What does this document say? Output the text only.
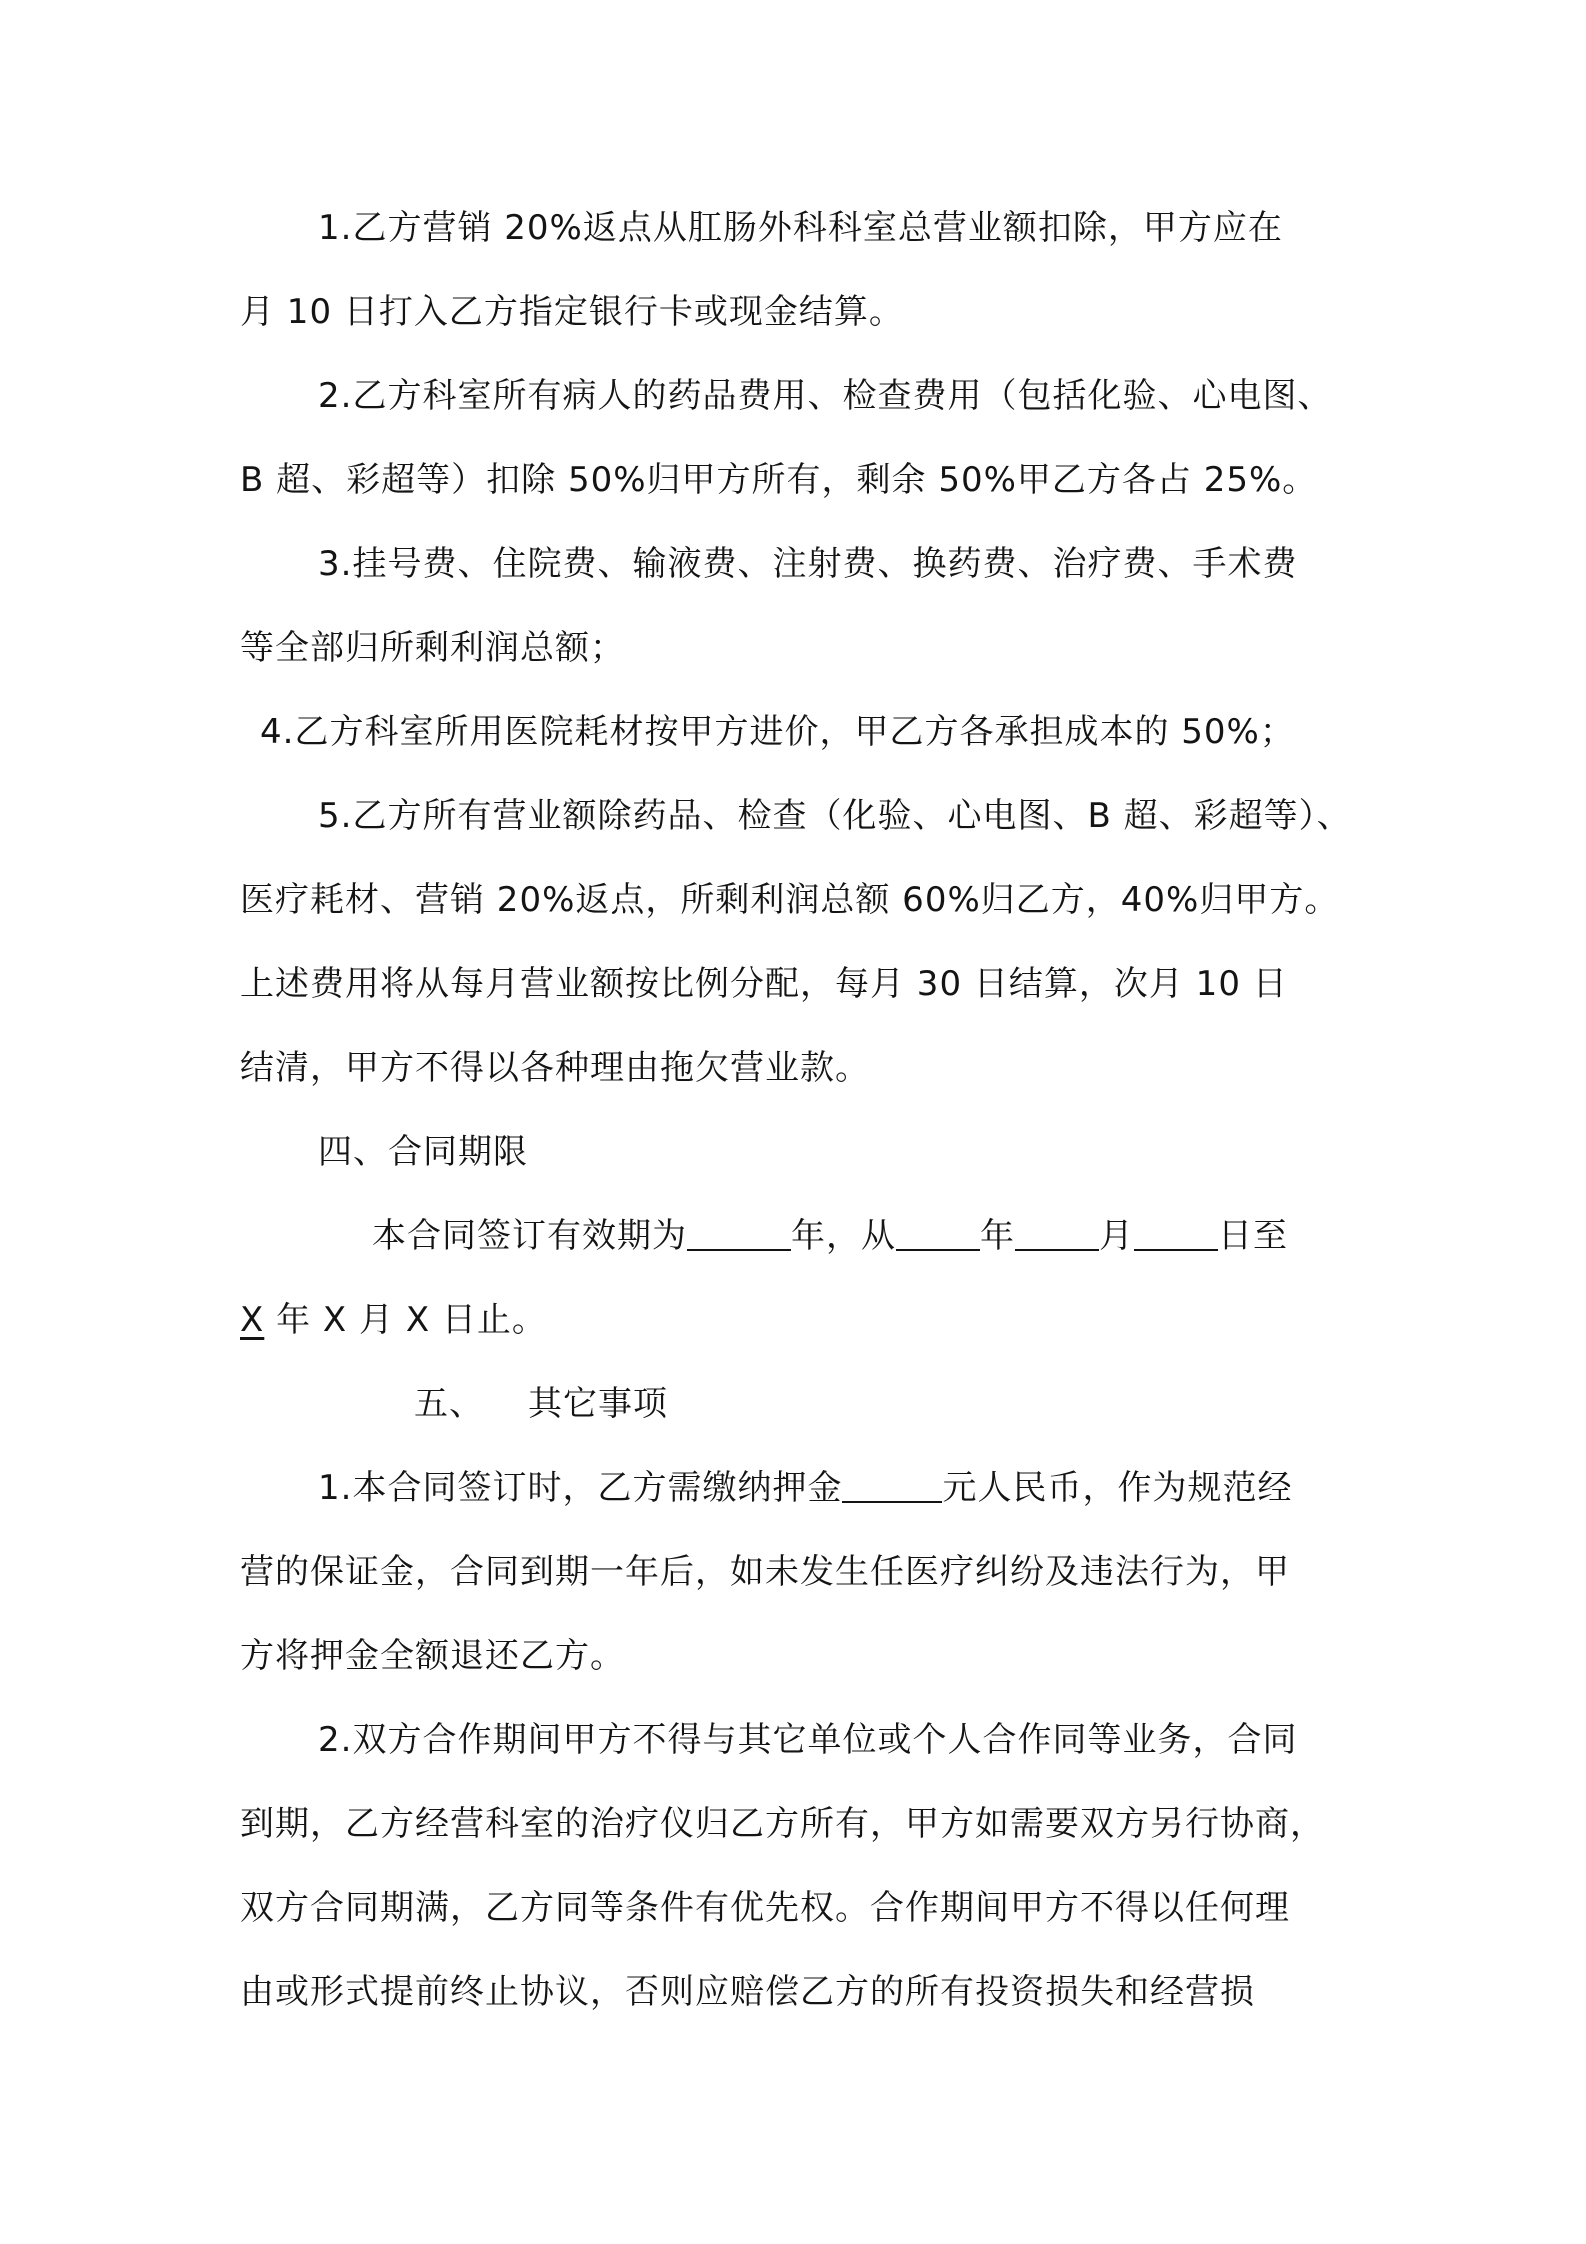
1.乙方营销 20%返点从肛肠外科科室总营业额扣除，甲方应在

月 10 日打入乙方指定银行卡或现金结算。

2.乙方科室所有病人的药品费用、检查费用（包括化验、心电图、

B 超、彩超等）扣除 50%归甲方所有，剩余 50%甲乙方各占 25%。

3.挂号费、住院费、输液费、注射费、换药费、治疗费、手术费

等全部归所剩利润总额；

4.乙方科室所用医院耗材按甲方进价，甲乙方各承担成本的 50%；

5.乙方所有营业额除药品、检查（化验、心电图、B 超、彩超等）、

医疗耗材、营销 20%返点，所剩利润总额 60%归乙方，40%归甲方。

上述费用将从每月营业额按比例分配，每月 30 日结算，次月 10 日

结清，甲方不得以各种理由拖欠营业款。

四、合同期限

本合同签订有效期为	年，从 年 月 日至

X 年 X 月 X 日止。

五、 其它事项

1.本合同签订时，乙方需缴纳押金	元人民币，作为规范经

营的保证金，合同到期一年后，如未发生任医疗纠纷及违法行为，甲

方将押金全额退还乙方。

2.双方合作期间甲方不得与其它单位或个人合作同等业务，合同

到期，乙方经营科室的治疗仪归乙方所有，甲方如需要双方另行协商，

双方合同期满，乙方同等条件有优先权。合作期间甲方不得以任何理

由或形式提前终止协议，否则应赔偿乙方的所有投资损失和经营损
